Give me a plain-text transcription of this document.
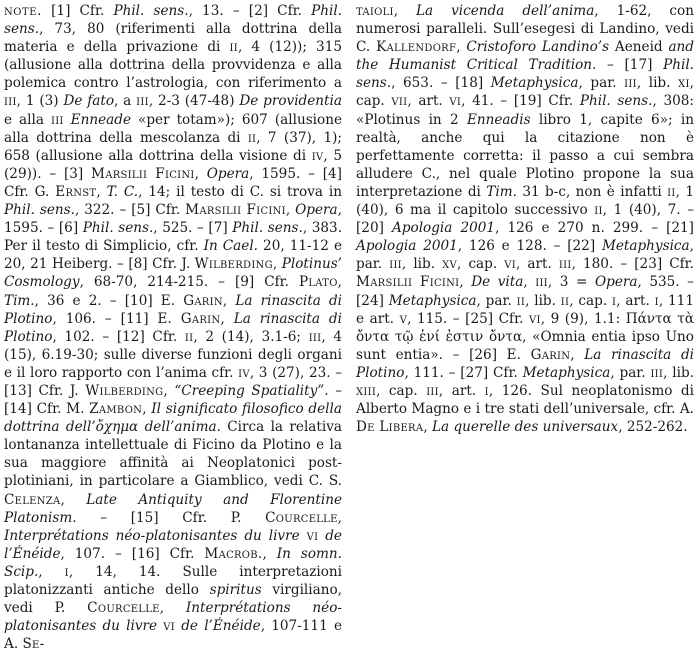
note. [1] Cfr. Phil. sens., 13. – [2] Cfr. Phil. sens., 73, 80 (riferimenti alla dottrina della materia e della privazione di ii, 4 (12)); 315 (allusione alla dottrina della provvidenza e alla polemica contro l’astrologia, con riferimento a iii, 1 (3) De fato, a iii, 2-3 (47-48) De providentia e alla iii Enneade «per totam»); 607 (allusione alla dottrina della mescolanza di ii, 7 (37), 1); 658 (allusione alla dottrina della visione di iv, 5 (29)). – [3] Marsilii Ficini, Opera, 1595. – [4] Cfr. G. Ernst, T. C., 14; il testo di C. si trova in Phil. sens., 322. – [5] Cfr. Marsilii Ficini, Opera, 1595. – [6] Phil. sens., 525. – [7] Phil. sens., 383. Per il testo di Simplicio, cfr. In Cael. 20, 11-12 e 20, 21 Heiberg. – [8] Cfr. J. Wilberding, Plotinus’ Cosmology, 68-70, 214-215. – [9] Cfr. Plato, Tim., 36 e 2. – [10] E. Garin, La rinascita di Plotino, 106. – [11] E. Garin, La rinascita di Plotino, 102. – [12] Cfr. ii, 2 (14), 3.1-6; iii, 4 (15), 6.19-30; sulle diverse funzioni degli organi e il loro rapporto con l’anima cfr. iv, 3 (27), 23. – [13] Cfr. J. Wilberding, “Creeping Spatiality”. – [14] Cfr. M. Zambon, Il significato filosofico della dottrina dell’ὄχημα dell’anima. Circa la relativa lontananza intellettuale di Ficino da Plotino e la sua maggiore affinità ai Neoplatonici post-plotiniani, in particolare a Giamblico, vedi C. S. Celenza, Late Antiquity and Florentine Platonism. – [15] Cfr. P. Courcelle, Interprétations néo-platonisantes du livre vi de l’Énéide, 107. – [16] Cfr. Macrob., In somn. Scip., i, 14, 14. Sulle interpretazioni platonizzanti antiche dello spiritus virgiliano, vedi P. Courcelle, Interprétations néo-platonisantes du livre vi de l’Énéide, 107-111 e A. Se-

taioli, La vicenda dell’anima, 1-62, con numerosi paralleli. Sull’esegesi di Landino, vedi C. Kallendorf, Cristoforo Landino’s Aeneid and the Humanist Critical Tradition. – [17] Phil. sens., 653. – [18] Metaphysica, par. iii, lib. xi, cap. vii, art. vi, 41. – [19] Cfr. Phil. sens., 308: «Plotinus in 2 Enneadis libro 1, capite 6»; in realtà, anche qui la citazione non è perfettamente corretta: il passo a cui sembra alludere C., nel quale Plotino propone la sua interpretazione di Tim. 31 b-c, non è infatti ii, 1 (40), 6 ma il capitolo successivo ii, 1 (40), 7. – [20] Apologia 2001, 126 e 270 n. 299. – [21] Apologia 2001, 126 e 128. – [22] Metaphysica, par. iii, lib. xv, cap. vi, art. iii, 180. – [23] Cfr. Marsilii Ficini, De vita, iii, 3 = Opera, 535. – [24] Metaphysica, par. ii, lib. ii, cap. i, art. i, 111 e art. v, 115. – [25] Cfr. vi, 9 (9), 1.1: Πάντα τὰ ὄντα τῷ ἑνί ἐστιν ὄντα, «Omnia entia ipso Uno sunt entia». – [26] E. Garin, La rinascita di Plotino, 111. – [27] Cfr. Metaphysica, par. iii, lib. xiii, cap. iii, art. i, 126. Sul neoplatonismo di Alberto Magno e i tre stati dell’universale, cfr. A. De Libera, La querelle des universaux, 252-262.
